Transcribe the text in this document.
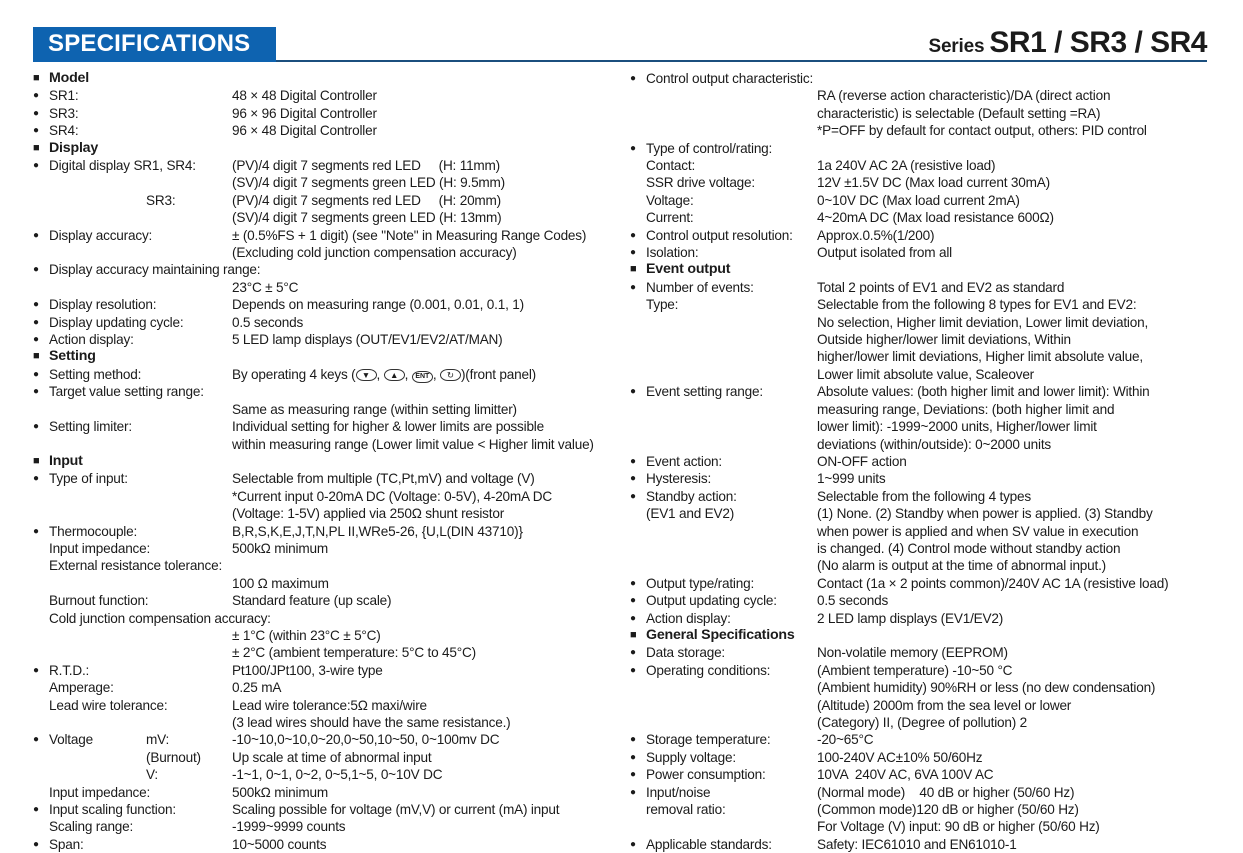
SPECIFICATIONS	Series SR1 / SR3 / SR4
■ Model
● SR1:	48 × 48 Digital Controller
● SR3:	96 × 96 Digital Controller
● SR4:	96 × 48 Digital Controller
■ Display
● Digital display SR1, SR4:	(PV)/4 digit 7 segments red LED     (H: 11mm)
(SV)/4 digit 7 segments green LED (H: 9.5mm)
SR3:	(PV)/4 digit 7 segments red LED     (H: 20mm)
(SV)/4 digit 7 segments green LED (H: 13mm)
● Display accuracy:	± (0.5%FS + 1 digit) (see "Note" in Measuring Range Codes)
(Excluding cold junction compensation accuracy)
● Display accuracy maintaining range:
23°C ± 5°C
● Display resolution:	Depends on measuring range (0.001, 0.01, 0.1, 1)
● Display updating cycle:	0.5 seconds
● Action display:	5 LED lamp displays (OUT/EV1/EV2/AT/MAN)
■ Setting
● Setting method:	By operating 4 keys ( ▼ , ▲ , ENT , ↻ )(front panel)
● Target value setting range:
Same as measuring range (within setting limitter)
● Setting limiter:	Individual setting for higher & lower limits are possible
within measuring range (Lower limit value < Higher limit value)
■ Input
● Type of input:	Selectable from multiple (TC,Pt,mV) and voltage (V)
*Current input 0-20mA DC (Voltage: 0-5V), 4-20mA DC
(Voltage: 1-5V) applied via 250Ω shunt resistor
● Thermocouple:	B,R,S,K,E,J,T,N,PL II,WRe5-26, {U,L(DIN 43710)}
Input impedance:	500kΩ minimum
External resistance tolerance:
100 Ω maximum
Burnout function:	Standard feature (up scale)
Cold junction compensation accuracy:
± 1°C (within 23°C ± 5°C)
± 2°C (ambient temperature: 5°C to 45°C)
● R.T.D.:	Pt100/JPt100, 3-wire type
Amperage:	0.25 mA
Lead wire tolerance:	Lead wire tolerance:5Ω maxi/wire
(3 lead wires should have the same resistance.)
● Voltage	mV:	-10~10,0~10,0~20,0~50,10~50, 0~100mv DC
(Burnout)	Up scale at time of abnormal input
V:	-1~1, 0~1, 0~2, 0~5,1~5, 0~10V DC
Input impedance:	500kΩ minimum
● Input scaling function:	Scaling possible for voltage (mV,V) or current (mA) input
Scaling range:	-1999~9999 counts
● Span:	10~5000 counts
● Control output characteristic:
RA (reverse action characteristic)/DA (direct action
characteristic) is selectable (Default setting =RA)
*P=OFF by default for contact output, others: PID control
● Type of control/rating:
Contact:	1a 240V AC 2A (resistive load)
SSR drive voltage:	12V ±1.5V DC (Max load current 30mA)
Voltage:	0~10V DC (Max load current 2mA)
Current:	4~20mA DC (Max load resistance 600Ω)
● Control output resolution:	Approx.0.5%(1/200)
● Isolation:	Output isolated from all
■ Event output
● Number of events:	Total 2 points of EV1 and EV2 as standard
Type:	Selectable from the following 8 types for EV1 and EV2:
No selection, Higher limit deviation, Lower limit deviation,
Outside higher/lower limit deviations, Within
higher/lower limit deviations, Higher limit absolute value,
Lower limit absolute value, Scaleover
● Event setting range:	Absolute values: (both higher limit and lower limit): Within
measuring range, Deviations: (both higher limit and
lower limit): -1999~2000 units, Higher/lower limit
deviations (within/outside): 0~2000 units
● Event action:	ON-OFF action
● Hysteresis:	1~999 units
● Standby action:	Selectable from the following 4 types
(EV1 and EV2)	(1) None. (2) Standby when power is applied. (3) Standby
when power is applied and when SV value in execution
is changed. (4) Control mode without standby action
(No alarm is output at the time of abnormal input.)
● Output type/rating:	Contact (1a × 2 points common)/240V AC 1A (resistive load)
● Output updating cycle:	0.5 seconds
● Action display:	2 LED lamp displays (EV1/EV2)
■ General Specifications
● Data storage:	Non-volatile memory (EEPROM)
● Operating conditions:	(Ambient temperature) -10~50 °C
(Ambient humidity) 90%RH or less (no dew condensation)
(Altitude) 2000m from the sea level or lower
(Category) II, (Degree of pollution) 2
● Storage temperature:	-20~65°C
● Supply voltage:	100-240V AC±10% 50/60Hz
● Power consumption:	10VA  240V AC, 6VA 100V AC
● Input/noise	(Normal mode)    40 dB or higher (50/60 Hz)
removal ratio:	(Common mode)120 dB or higher (50/60 Hz)
For Voltage (V) input: 90 dB or higher (50/60 Hz)
● Applicable standards:	Safety: IEC61010 and EN61010-1
